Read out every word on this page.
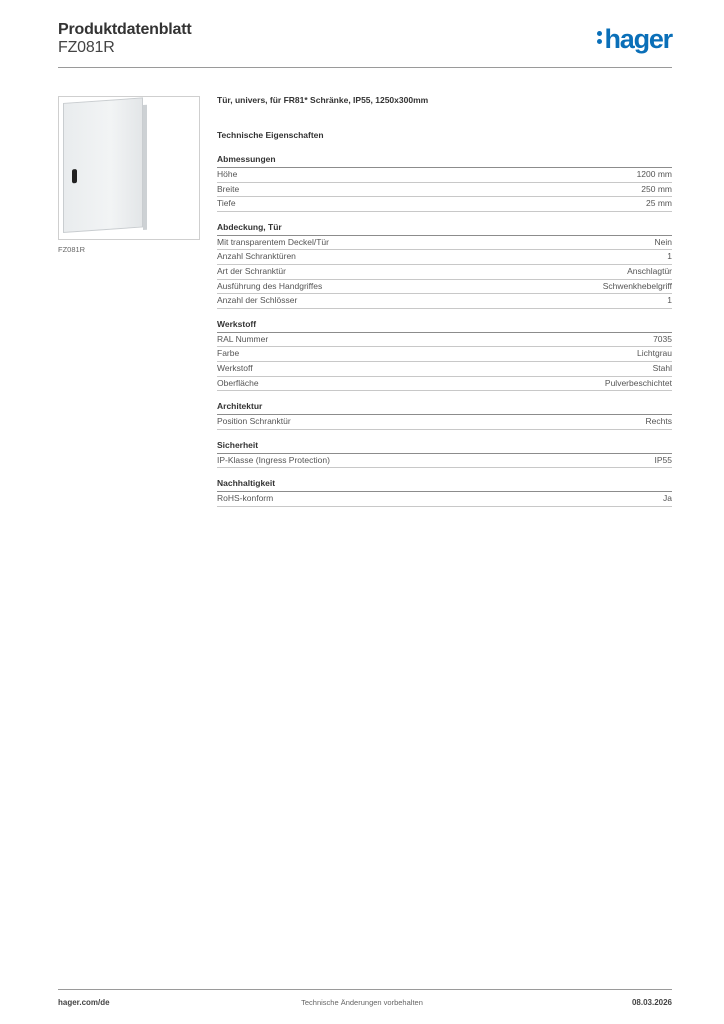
Produktdatenblatt
FZ081R	hager
FZ081R
Tür, univers, für FR81* Schränke, IP55, 1250x300mm
Technische Eigenschaften
Abmessungen
Höhe	1200 mm
Breite	250 mm
Tiefe	25 mm
Abdeckung, Tür
Mit transparentem Deckel/Tür	Nein
Anzahl Schranktüren	1
Art der Schranktür	Anschlagtür
Ausführung des Handgriffes	Schwenkhebelgriff
Anzahl der Schlösser	1
Werkstoff
RAL Nummer	7035
Farbe	Lichtgrau
Werkstoff	Stahl
Oberfläche	Pulverbeschichtet
Architektur
Position Schranktür	Rechts
Sicherheit
IP-Klasse (Ingress Protection)	IP55
Nachhaltigkeit
RoHS-konform	Ja
hager.com/de	Technische Änderungen vorbehalten	08.03.2026
